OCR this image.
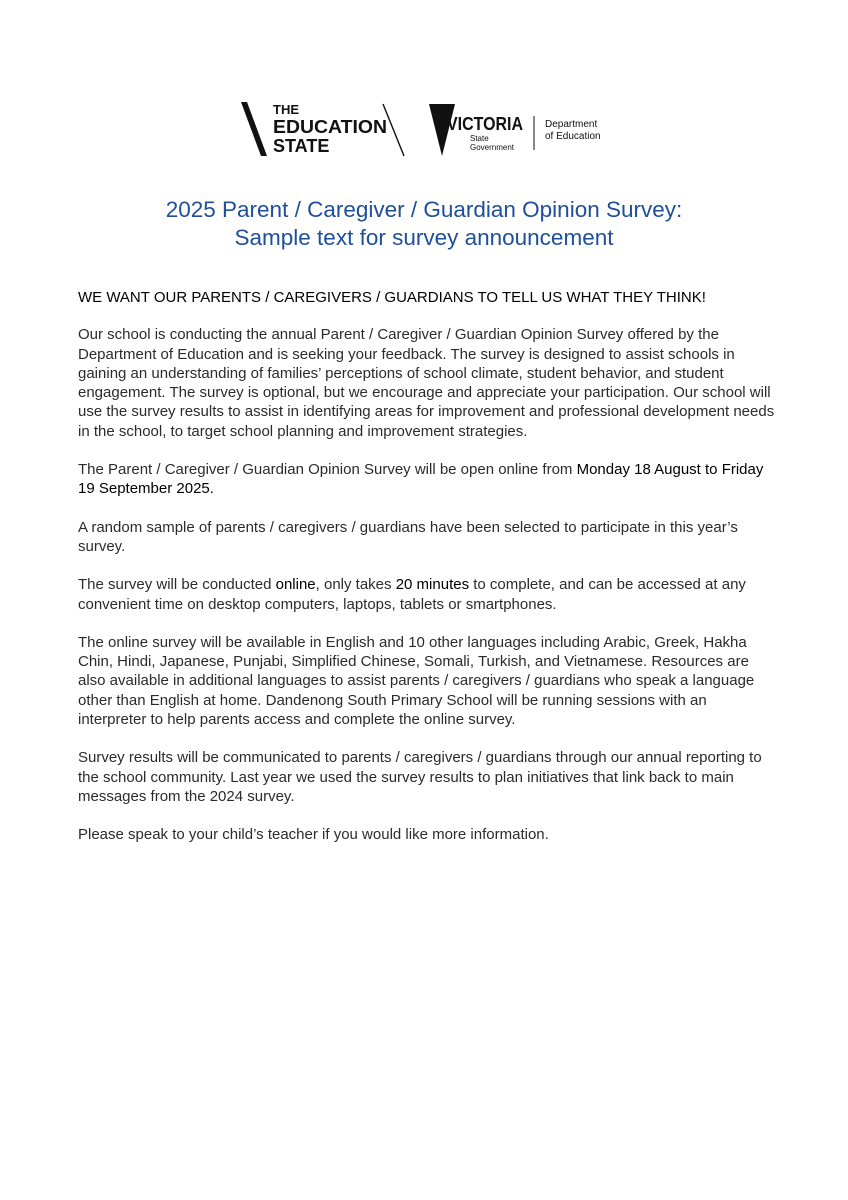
THE
EDUCATION
STATE
VICTORIA
State
Government
Department
of Education
2025 Parent / Caregiver / Guardian Opinion Survey:
Sample text for survey announcement
WE WANT OUR PARENTS / CAREGIVERS / GUARDIANS TO TELL US WHAT THEY THINK!

Our school is conducting the annual Parent / Caregiver / Guardian Opinion Survey offered by the Department of Education and is seeking your feedback. The survey is designed to assist schools in gaining an understanding of families’ perceptions of school climate, student behavior, and student engagement. The survey is optional, but we encourage and appreciate your participation. Our school will use the survey results to assist in identifying areas for improvement and professional development needs in the school, to target school planning and improvement strategies.

The Parent / Caregiver / Guardian Opinion Survey will be open online from Monday 18 August to Friday 19 September 2025.

A random sample of parents / caregivers / guardians have been selected to participate in this year’s survey.

The survey will be conducted online, only takes 20 minutes to complete, and can be accessed at any convenient time on desktop computers, laptops, tablets or smartphones.

The online survey will be available in English and 10 other languages including Arabic, Greek, Hakha Chin, Hindi, Japanese, Punjabi, Simplified Chinese, Somali, Turkish, and Vietnamese. Resources are also available in additional languages to assist parents / caregivers / guardians who speak a language other than English at home. Dandenong South Primary School will be running sessions with an interpreter to help parents access and complete the online survey.

Survey results will be communicated to parents / caregivers / guardians through our annual reporting to the school community. Last year we used the survey results to plan initiatives that link back to main messages from the 2024 survey.

Please speak to your child’s teacher if you would like more information.
